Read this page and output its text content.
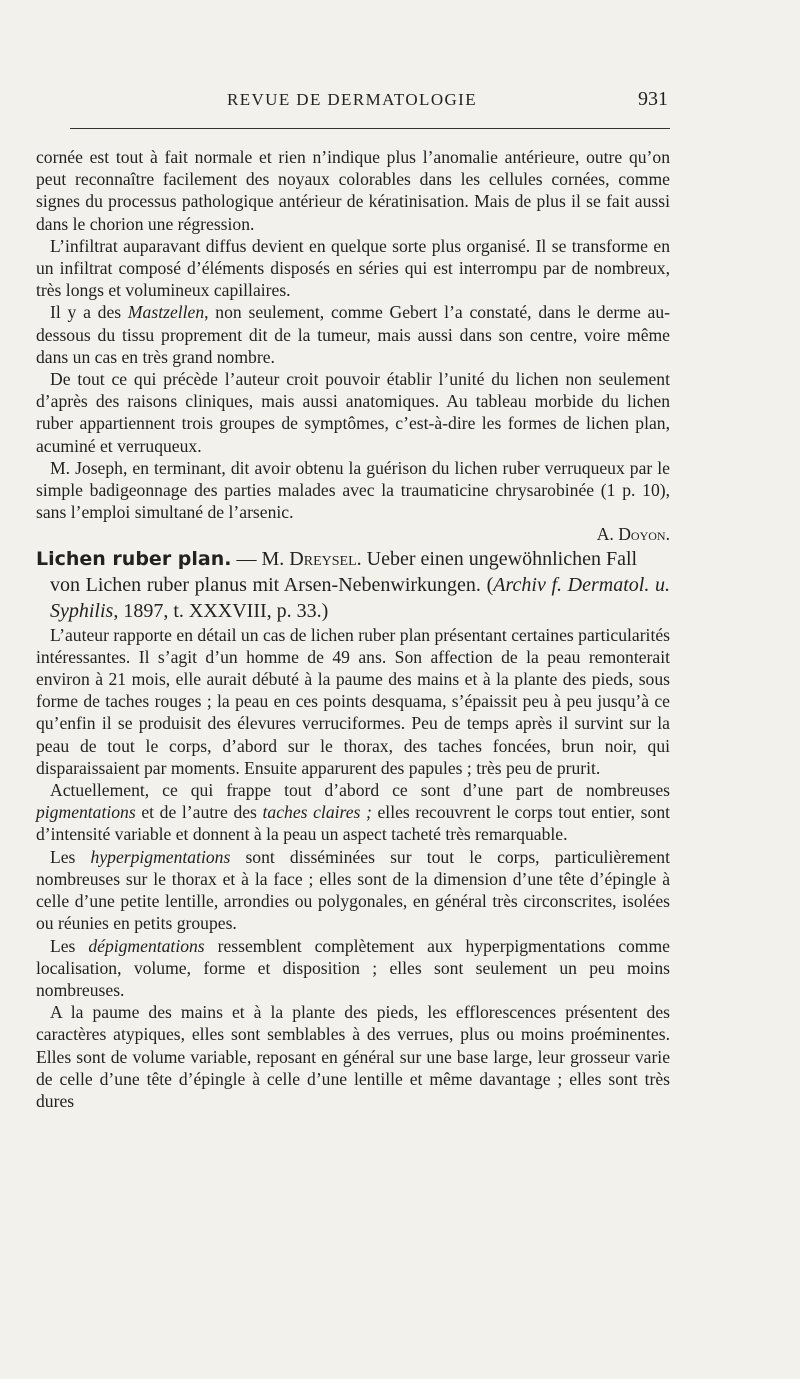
REVUE DE DERMATOLOGIE	931

cornée est tout à fait normale et rien n’indique plus l’anomalie antérieure, outre qu’on peut reconnaître facilement des noyaux colorables dans les cellules cornées, comme signes du processus pathologique antérieur de kératinisation. Mais de plus il se fait aussi dans le chorion une régression.

L’infiltrat auparavant diffus devient en quelque sorte plus organisé. Il se transforme en un infiltrat composé d’éléments disposés en séries qui est interrompu par de nombreux, très longs et volumineux capillaires.

Il y a des Mastzellen, non seulement, comme Gebert l’a constaté, dans le derme au-dessous du tissu proprement dit de la tumeur, mais aussi dans son centre, voire même dans un cas en très grand nombre.

De tout ce qui précède l’auteur croit pouvoir établir l’unité du lichen non seulement d’après des raisons cliniques, mais aussi anatomiques. Au tableau morbide du lichen ruber appartiennent trois groupes de symptômes, c’est-à-dire les formes de lichen plan, acuminé et verruqueux.

M. Joseph, en terminant, dit avoir obtenu la guérison du lichen ruber verruqueux par le simple badigeonnage des parties malades avec la traumaticine chrysarobinée (1 p. 10), sans l’emploi simultané de l’arsenic.

A. Doyon.

Lichen ruber plan. — M. Dreysel. Ueber einen ungewöhnlichen Fall
von Lichen ruber planus mit Arsen-Nebenwirkungen. (Archiv f. Dermatol. u. Syphilis, 1897, t. XXXVIII, p. 33.)

L’auteur rapporte en détail un cas de lichen ruber plan présentant certaines particularités intéressantes. Il s’agit d’un homme de 49 ans. Son affection de la peau remonterait environ à 21 mois, elle aurait débuté à la paume des mains et à la plante des pieds, sous forme de taches rouges ; la peau en ces points desquama, s’épaissit peu à peu jusqu’à ce qu’enfin il se produisit des élevures verruciformes. Peu de temps après il survint sur la peau de tout le corps, d’abord sur le thorax, des taches foncées, brun noir, qui disparaissaient par moments. Ensuite apparurent des papules ; très peu de prurit.

Actuellement, ce qui frappe tout d’abord ce sont d’une part de nombreuses pigmentations et de l’autre des taches claires ; elles recouvrent le corps tout entier, sont d’intensité variable et donnent à la peau un aspect tacheté très remarquable.

Les hyperpigmentations sont disséminées sur tout le corps, particulièrement nombreuses sur le thorax et à la face ; elles sont de la dimension d’une tête d’épingle à celle d’une petite lentille, arrondies ou polygonales, en général très circonscrites, isolées ou réunies en petits groupes.

Les dépigmentations ressemblent complètement aux hyperpigmentations comme localisation, volume, forme et disposition ; elles sont seulement un peu moins nombreuses.

A la paume des mains et à la plante des pieds, les efflorescences présentent des caractères atypiques, elles sont semblables à des verrues, plus ou moins proéminentes. Elles sont de volume variable, reposant en général sur une base large, leur grosseur varie de celle d’une tête d’épingle à celle d’une lentille et même davantage ; elles sont très dures
